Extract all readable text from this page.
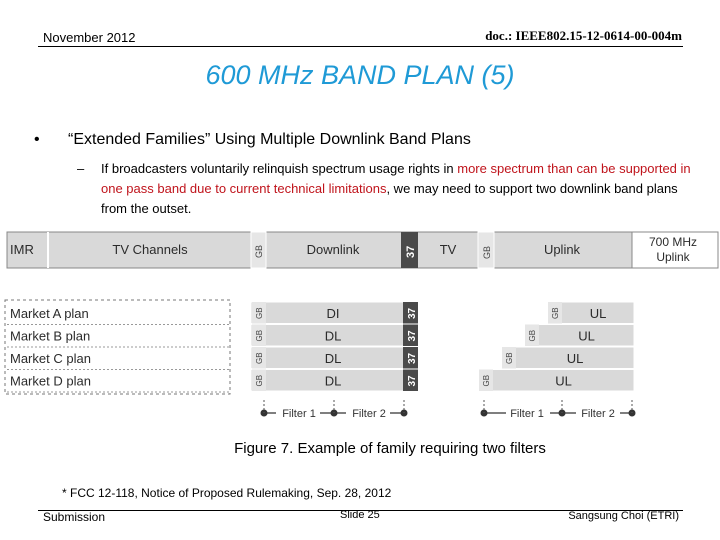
November 2012	doc.: IEEE802.15-12-0614-00-004m
600 MHz BAND PLAN (5)
• “Extended Families” Using Multiple Downlink Band Plans
– If broadcasters voluntarily relinquish spectrum usage rights in more spectrum than can be supported in one pass band due to current technical limitations, we may need to support two downlink band plans from the outset.
IMR	TV Channels	GB	Downlink	37 TV	GB	Uplink	700 MHz
Uplink
Market A plan	GB	DI	37	GB UL
Market B plan	GB	DL	37	GB	UL
Market C plan	GB	DL	37	GB	UL
Market D plan	GB	DL	37	GB	UL
Filter 1	Filter 2	Filter 1	Filter 2
Figure 7. Example of family requiring two filters
* FCC 12-118, Notice of Proposed Rulemaking, Sep. 28, 2012
Submission	Slide 25	Sangsung Choi (ETRI)
